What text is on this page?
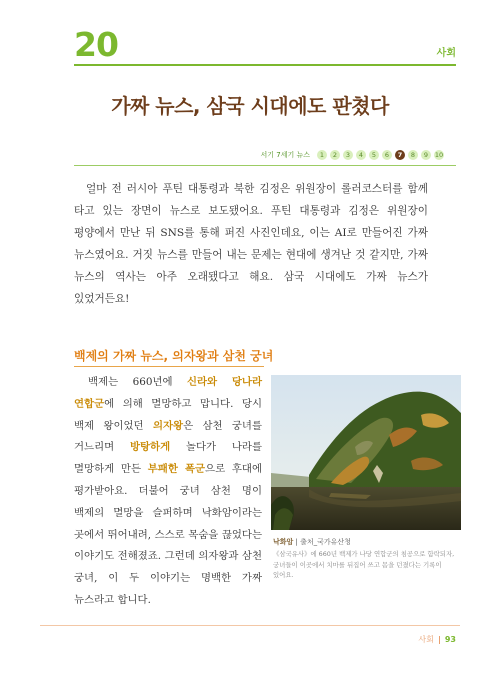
20	사회
가짜 뉴스, 삼국 시대에도 판쳤다
서기 7세기 뉴스	1	2	3	4	5	6	7	8	9	10

얼마 전 러시아 푸틴 대통령과 북한 김정은 위원장이 롤러코스터를 함께 타고 있는 장면이 뉴스로 보도됐어요. 푸틴 대통령과 김정은 위원장이 평양에서 만난 뒤 SNS를 통해 퍼진 사진인데요, 이는 AI로 만들어진 가짜 뉴스였어요. 거짓 뉴스를 만들어 내는 문제는 현대에 생겨난 것 같지만, 가짜 뉴스의 역사는 아주 오래됐다고 해요. 삼국 시대에도 가짜 뉴스가 있었거든요!

백제의 가짜 뉴스, 의자왕과 삼천 궁녀

백제는 660년에 신라와 당나라 연합군에 의해 멸망하고 맙니다. 당시 백제 왕이었던 의자왕은 삼천 궁녀를 거느리며 방탕하게 놀다가 나라를 멸망하게 만든 부패한 폭군으로 후대에 평가받아요. 더불어 궁녀 삼천 명이 백제의 멸망을 슬퍼하며 낙화암이라는 곳에서 뛰어내려, 스스로 목숨을 끊었다는 이야기도 전해졌죠. 그런데 의자왕과 삼천 궁녀, 이 두 이야기는 명백한 가짜 뉴스라고 합니다.

낙화암 | 출처_국가유산청

《삼국유사》에 660년 백제가 나당 연합군의 침공으로 함락되자, 궁녀들이 이곳에서 치마를 뒤집어 쓰고 몸을 던졌다는 기록이 있어요.

사회 93
